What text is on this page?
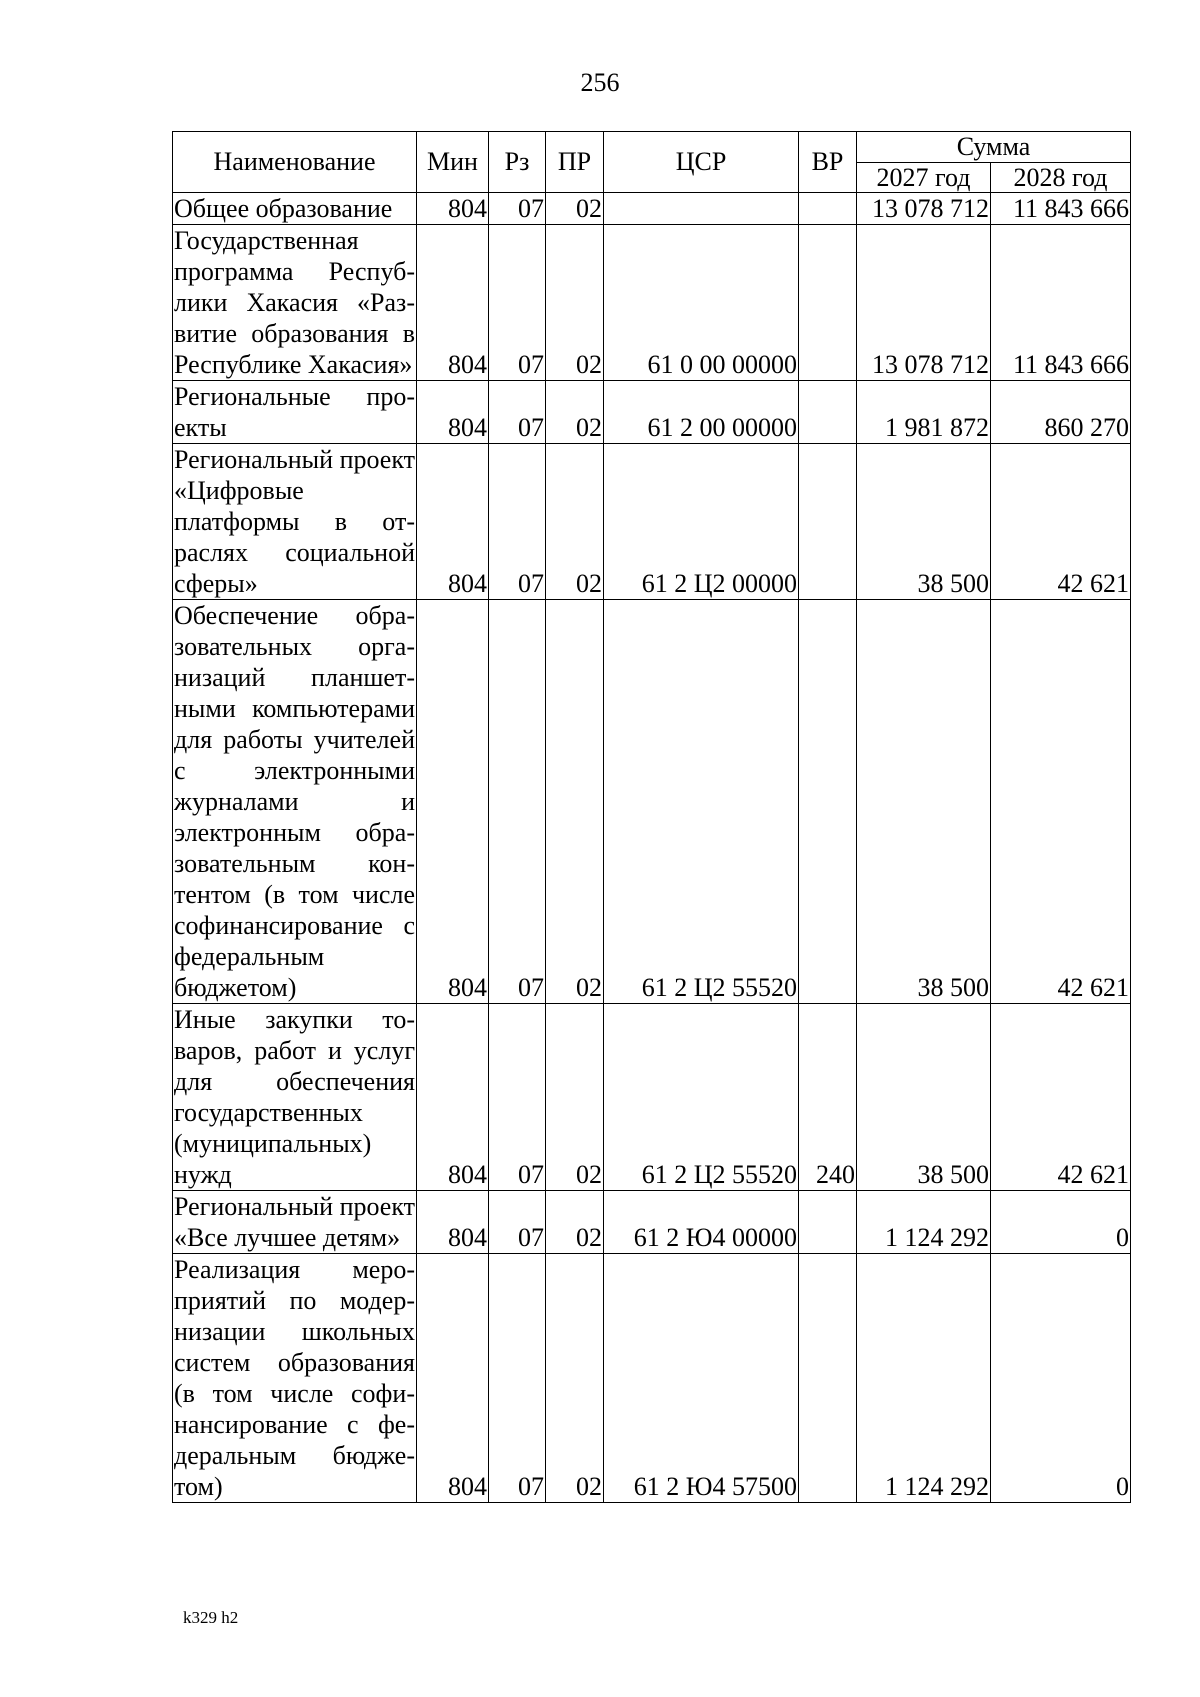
256
Наименование	Мин	Рз	ПР	ЦСР	ВР	Сумма	
						2027 год	2028 год
Общее образование	804	07	02			13 078 712	11 843 666
Государственная программа Республики Хакасия «Развитие образования в Республике Хакасия»	804	07	02	61 0 00 00000		13 078 712	11 843 666
Региональные проекты	804	07	02	61 2 00 00000		1 981 872	860 270
Региональный проект «Цифровые платформы в отраслях социальной сферы»	804	07	02	61 2 Ц2 00000		38 500	42 621
Обеспечение образовательных организаций планшетными компьютерами для работы учителей с электронными журналами и электронным образовательным контентом (в том числе софинансирование с федеральным бюджетом)	804	07	02	61 2 Ц2 55520		38 500	42 621
Иные закупки товаров, работ и услуг для обеспечения государственных (муниципальных) нужд	804	07	02	61 2 Ц2 55520	240	38 500	42 621
Региональный проект «Все лучшее детям»	804	07	02	61 2 Ю4 00000		1 124 292	0
Реализация мероприятий по модернизации школьных систем образования (в том числе софинансирование с федеральным бюджетом)	804	07	02	61 2 Ю4 57500		1 124 292	0
k329 h2
